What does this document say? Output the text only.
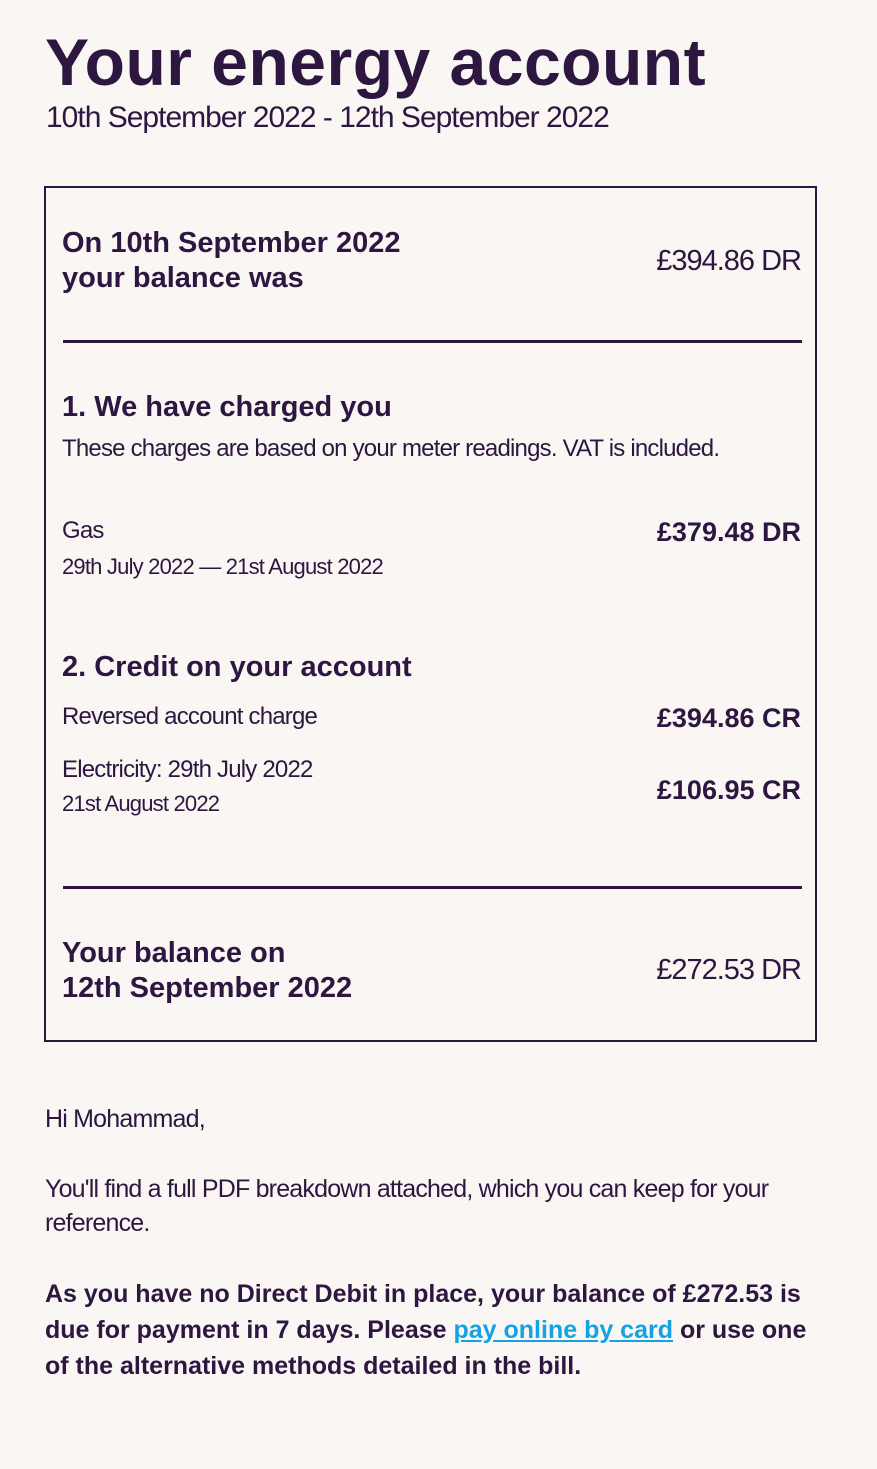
Your energy account
10th September 2022 - 12th September 2022
On 10th September 2022
your balance was
£394.86 DR
1. We have charged you
These charges are based on your meter readings. VAT is included.
Gas
29th July 2022 — 21st August 2022
£379.48 DR
2. Credit on your account
Reversed account charge	£394.86 CR
Electricity: 29th July 2022
21st August 2022	£106.95 CR
Your balance on
12th September 2022
£272.53 DR
Hi Mohammad,
You'll find a full PDF breakdown attached, which you can keep for your reference.
As you have no Direct Debit in place, your balance of £272.53 is due for payment in 7 days. Please pay online by card or use one of the alternative methods detailed in the bill.
